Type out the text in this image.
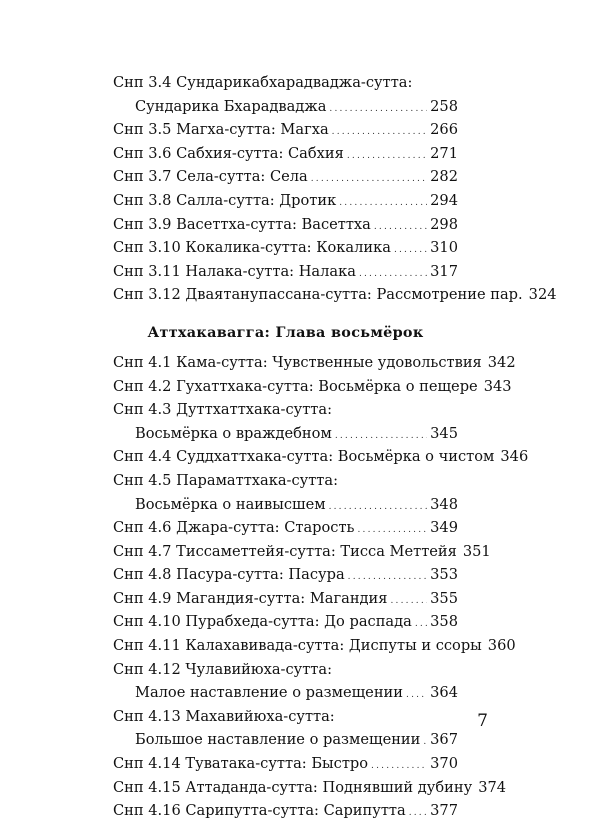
Снп 3.4 Сундарикабхарадваджа-сутта:
Сундарика Бхарадваджа .....	258
Снп 3.5 Магха-сутта: Магха .....	266
Снп 3.6 Сабхия-сутта: Сабхия .....	271
Снп 3.7 Села-сутта: Села .....	282
Снп 3.8 Салла-сутта: Дротик .....	294
Снп 3.9 Васеттха-сутта: Васеттха .....	298
Снп 3.10 Кокалика-сутта: Кокалика .....	310
Снп 3.11 Налака-сутта: Налака .....	317
Снп 3.12 Дваятанупассана-сутта: Рассмотрение пар. 324
Аттхакавагга: Глава восьмёрок
Снп 4.1 Кама-сутта: Чувственные удовольствия 342
Снп 4.2 Гухаттхака-сутта: Восьмёрка о пещере 343
Снп 4.3 Дуттхаттхака-сутта:
Восьмёрка о враждебном .....	345
Снп 4.4 Суддхаттхака-сутта: Восьмёрка о чистом 346
Снп 4.5 Параматтхака-сутта:
Восьмёрка о наивысшем .....	348
Снп 4.6 Джара-сутта: Старость .....	349
Снп 4.7 Тиссаметтейя-сутта: Тисса Меттейя 351
Снп 4.8 Пасура-сутта: Пасура .....	353
Снп 4.9 Магандия-сутта: Магандия .....	355
Снп 4.10 Пурабхеда-сутта: До распада ..... 358
Снп 4.11 Калахавивада-сутта: Диспуты и ссоры 360
Снп 4.12 Чулавийюха-сутта:
Малое наставление о размещении ..... 364
Снп 4.13 Махавийюха-сутта:
Большое наставление о размещении ..... 367
Снп 4.14 Туватака-сутта: Быстро .....	370
Снп 4.15 Аттаданда-сутта: Поднявший дубину 374
Снп 4.16 Сарипутта-сутта: Сарипутта ..... 377
7
